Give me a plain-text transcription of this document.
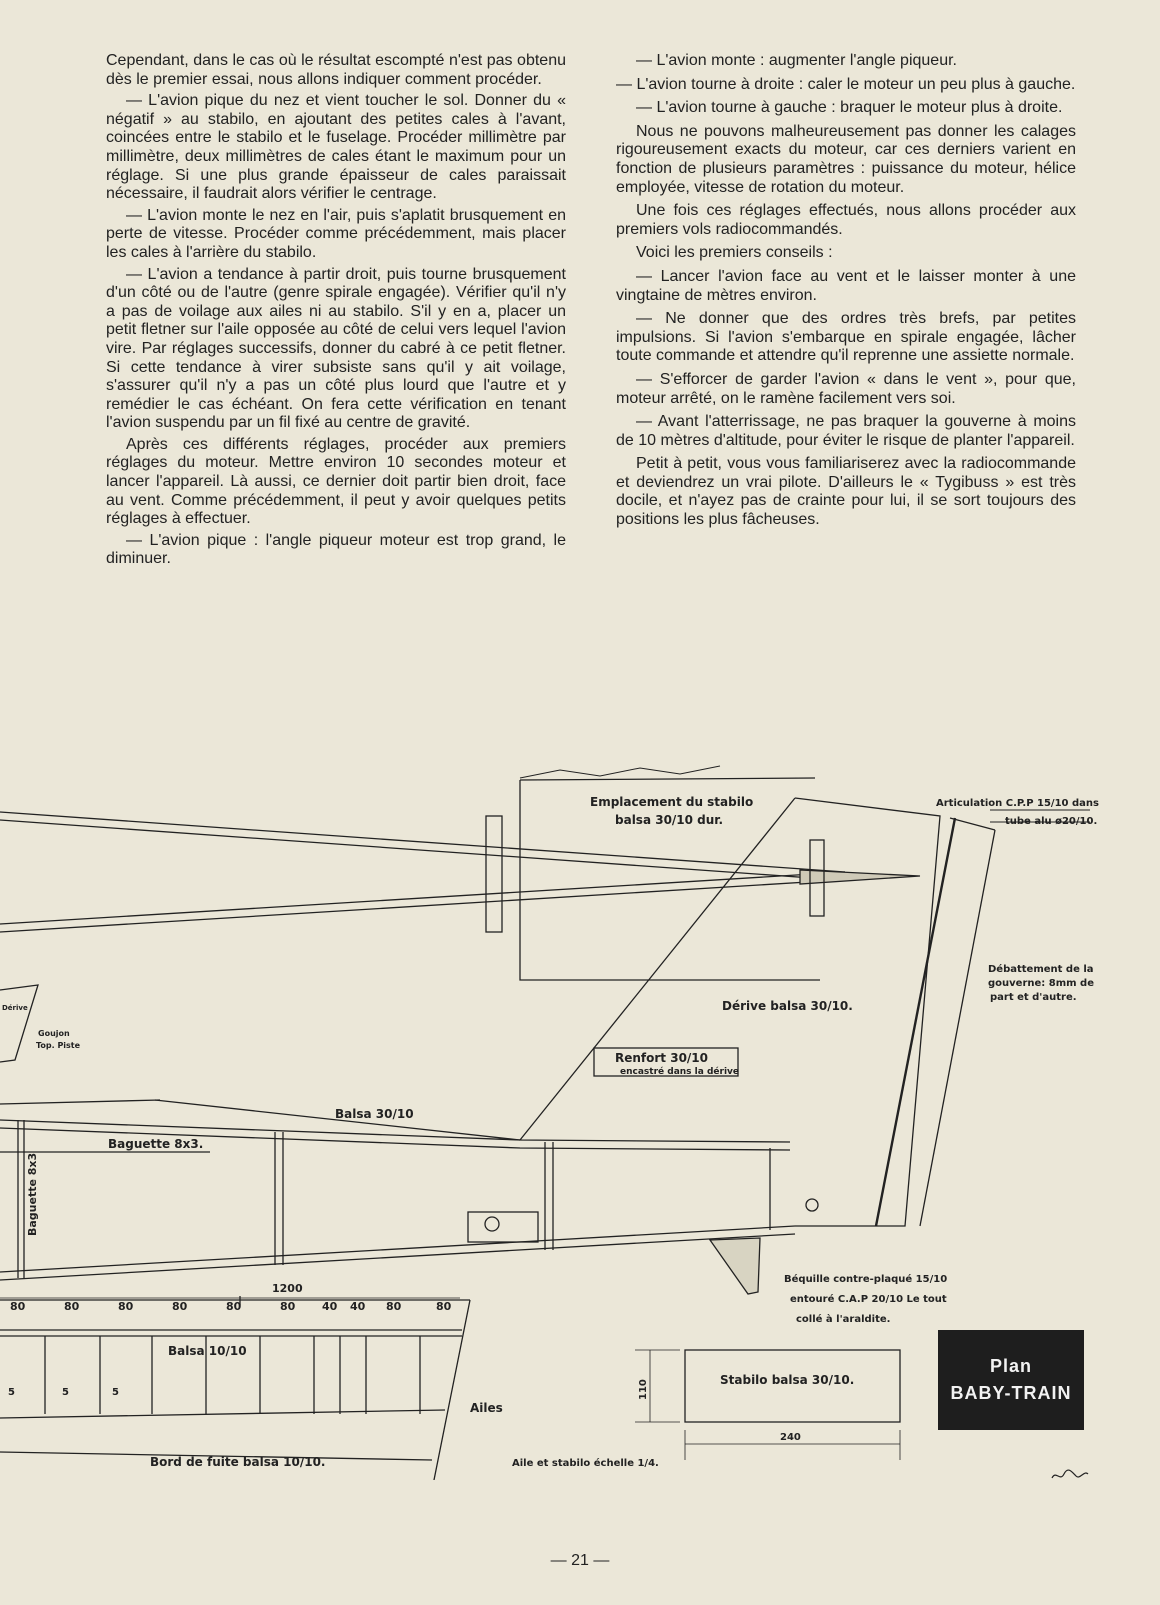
Cependant, dans le cas où le résultat escompté n'est pas obtenu dès le premier essai, nous allons indiquer comment procéder.

— L'avion pique du nez et vient toucher le sol. Donner du « négatif » au stabilo, en ajoutant des petites cales à l'avant, coincées entre le stabilo et le fuselage. Procéder millimètre par millimètre, deux millimètres de cales étant le maximum pour un réglage. Si une plus grande épaisseur de cales paraissait nécessaire, il faudrait alors vérifier le centrage.

— L'avion monte le nez en l'air, puis s'aplatit brusquement en perte de vitesse. Procéder comme précédemment, mais placer les cales à l'arrière du stabilo.

— L'avion a tendance à partir droit, puis tourne brusquement d'un côté ou de l'autre (genre spirale engagée). Vérifier qu'il n'y a pas de voilage aux ailes ni au stabilo. S'il y en a, placer un petit fletner sur l'aile opposée au côté de celui vers lequel l'avion vire. Par réglages successifs, donner du cabré à ce petit fletner. Si cette tendance à virer subsiste sans qu'il y ait voilage, s'assurer qu'il n'y a pas un côté plus lourd que l'autre et y remédier le cas échéant. On fera cette vérification en tenant l'avion suspendu par un fil fixé au centre de gravité.

Après ces différents réglages, procéder aux premiers réglages du moteur. Mettre environ 10 secondes moteur et lancer l'appareil. Là aussi, ce dernier doit partir bien droit, face au vent. Comme précédemment, il peut y avoir quelques petits réglages à effectuer.

— L'avion pique : l'angle piqueur moteur est trop grand, le diminuer.

— L'avion monte : augmenter l'angle piqueur.

— L'avion tourne à droite : caler le moteur un peu plus à gauche.

— L'avion tourne à gauche : braquer le moteur plus à droite.

Nous ne pouvons malheureusement pas donner les calages rigoureusement exacts du moteur, car ces derniers varient en fonction de plusieurs paramètres : puissance du moteur, hélice employée, vitesse de rotation du moteur.

Une fois ces réglages effectués, nous allons procéder aux premiers vols radiocommandés.

Voici les premiers conseils :

— Lancer l'avion face au vent et le laisser monter à une vingtaine de mètres environ.

— Ne donner que des ordres très brefs, par petites impulsions. Si l'avion s'embarque en spirale engagée, lâcher toute commande et attendre qu'il reprenne une assiette normale.

— S'efforcer de garder l'avion « dans le vent », pour que, moteur arrêté, on le ramène facilement vers soi.

— Avant l'atterrissage, ne pas braquer la gouverne à moins de 10 mètres d'altitude, pour éviter le risque de planter l'appareil.

Petit à petit, vous vous familiariserez avec la radiocommande et deviendrez un vrai pilote. D'ailleurs le « Tygibuss » est très docile, et n'ayez pas de crainte pour lui, il se sort toujours des positions les plus fâcheuses.

Emplacement du stabilo
balsa 30/10 dur.
Articulation C.P.P 15/10 dans
tube alu ø20/10.
Débattement de la
gouverne: 8mm de
part et d'autre.
Dérive balsa 30/10.
Renfort 30/10
encastré dans la dérive
Balsa 30/10
Baguette 8x3.
Baguette 8x3
Béquille contre-plaqué 15/10
entouré C.A.P 20/10 Le tout
collé à l'araldite.
Dérive
Goujon
Top. Piste
1200
80	80	80	80	80	80 40 40 80	80
Balsa 10/10
5	5	5
Ailes
Bord de fuite balsa 10/10.	Aile et stabilo échelle 1/4.
Stabilo balsa 30/10.
110
240
Plan
BABY-TRAIN
— 21 —
